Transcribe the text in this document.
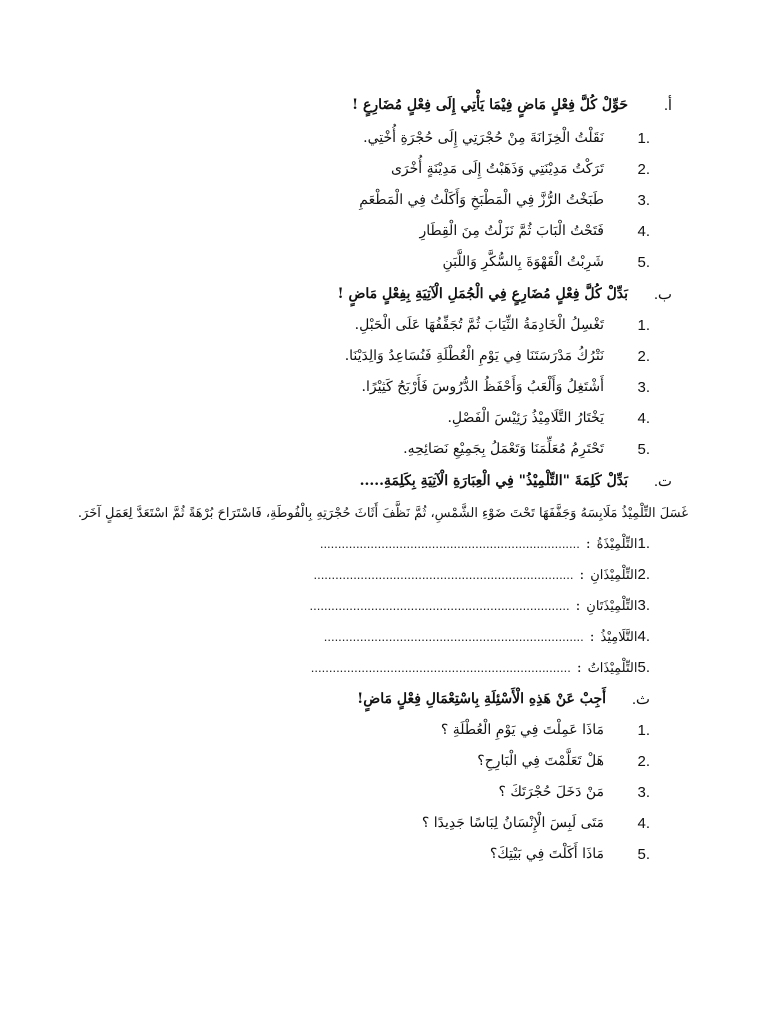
أ.
حَوِّلْ كُلَّ فِعْلٍ مَاضٍ فِيْمَا يَأْتِي إِلَى فِعْلٍ مُضَارِعٍ !
1.
نَقَلْتُ الْخِزَانَةَ مِنْ حُجْرَتِي إِلَى حُجْرَةِ أُخْتِي.
2.
تَرَكْتُ مَدِيْنَتِي وَذَهَبْتُ إِلَى مَدِيْنَةٍ أُخْرَى
3.
طَبَخْتُ الرُّزَّ فِي الْمَطْبَخِ وَأَكَلْتُ فِي الْمَطْعَمِ
4.
فَتَحْتُ الْبَابَ ثُمَّ نَزَلْتُ مِنَ الْقِطَارِ
5.
شَرِبْتُ الْقَهْوَةَ بِالسُّكَّرِ وَاللَّبَنِ
ب.
بَدِّلْ كُلَّ فِعْلٍ مُضَارِعٍ فِي الْجُمَلِ الْآتِيَةِ بِفِعْلٍ مَاضٍ !
1.
تَغْسِلُ الْخَادِمَةُ الثِّيَابَ ثُمَّ تُجَفِّفُهَا عَلَى الْحَبْلِ.
2.
نَتْرُكُ مَدْرَسَتَنَا فِي يَوْمِ الْعُطْلَةِ فَنُسَاعِدُ وَالِدَيْنَا.
3.
أَشْتَغِلُ وَأَلْعَبُ وَأَحْفَظُ الدُّرُوسَ فَأَرْبَحُ كَثِيْرًا.
4.
يَخْتَارُ التَّلَامِيْذُ رَئِيْسَ الْفَصْلِ.
5.
تَحْتَرِمُ مُعَلِّمَنَا وَتَعْمَلُ بِجَمِيْعِ نَصَائِحِهِ.
ت.
بَدِّلْ كَلِمَةَ "التِّلْمِيْذُ" فِي الْعِبَارَةِ الْآتِيَةِ بِكَلِمَةِ.....
غَسَلَ التِّلْمِيْذُ مَلَابِسَهُ وَجَفَّفَهَا تَحْتَ ضَوْءِ الشَّمْسِ، ثُمَّ نَظَّفَ أَثَاثَ حُجْرَتِهِ بِالْفُوطَةِ، فَاسْتَرَاحَ بُرْهَةً ثُمَّ اسْتَعَدَّ لِعَمَلٍ آخَرَ.
1.التِّلْمِيْذَةُ:........................................................................
2.التِّلْمِيْذَانِ:........................................................................
3.التِّلْمِيْذَتَانِ:........................................................................
4.التَّلَامِيْذُ:........................................................................
5.التِّلْمِيْذَاتُ:........................................................................
ث.
أَجِبْ عَنْ هَذِهِ الْأَسْئِلَةِ بِاسْتِعْمَالِ فِعْلٍ مَاضٍ!
1.
مَاذَا عَمِلْتَ فِي يَوْمِ الْعُطْلَةِ ؟
2.
هَلْ تَعَلَّمْتَ فِي الْبَارِحِ؟
3.
مَنْ دَخَلَ حُجْرَتَكَ ؟
4.
مَتَى لَبِسَ الْإِنْسَانُ لِبَاسًا جَدِيدًا ؟
5.
مَاذَا أَكَلْتَ فِي بَيْتِكَ؟
